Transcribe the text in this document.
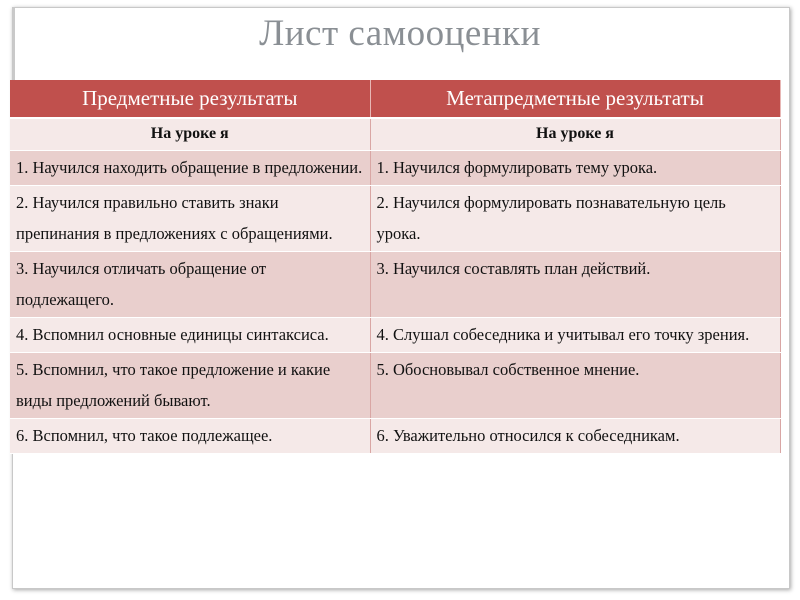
Лист самооценки
Предметные результаты	Метапредметные результаты
На уроке я	На уроке я
1. Научился находить обращение в предложении.	1. Научился формулировать тему урока.
2. Научился правильно ставить знаки препинания в предложениях с обращениями.	2. Научился формулировать познавательную цель урока.
3. Научился отличать обращение от подлежащего.	3. Научился составлять план действий.
4. Вспомнил основные единицы синтаксиса.	4. Слушал собеседника и учитывал его точку зрения.
5. Вспомнил, что такое предложение и какие виды предложений бывают.	5. Обосновывал собственное мнение.
6. Вспомнил, что такое подлежащее.	6. Уважительно относился к собеседникам.
